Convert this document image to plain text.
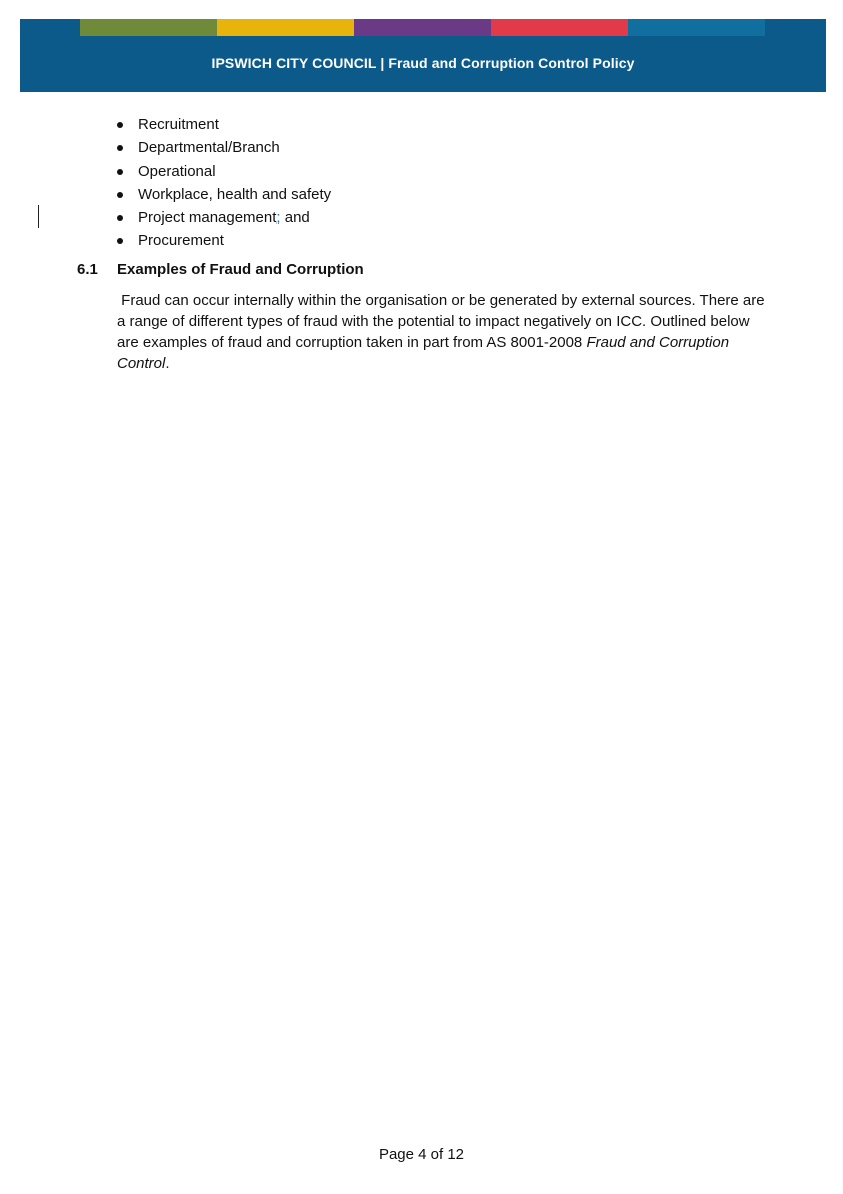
IPSWICH CITY COUNCIL | Fraud and Corruption Control Policy
Recruitment
Departmental/Branch
Operational
Workplace, health and safety
Project management; and
Procurement
6.1	Examples of Fraud and Corruption
Fraud can occur internally within the organisation or be generated by external sources. There are a range of different types of fraud with the potential to impact negatively on ICC. Outlined below are examples of fraud and corruption taken in part from AS 8001-2008 Fraud and Corruption Control.
Page 4 of 12
